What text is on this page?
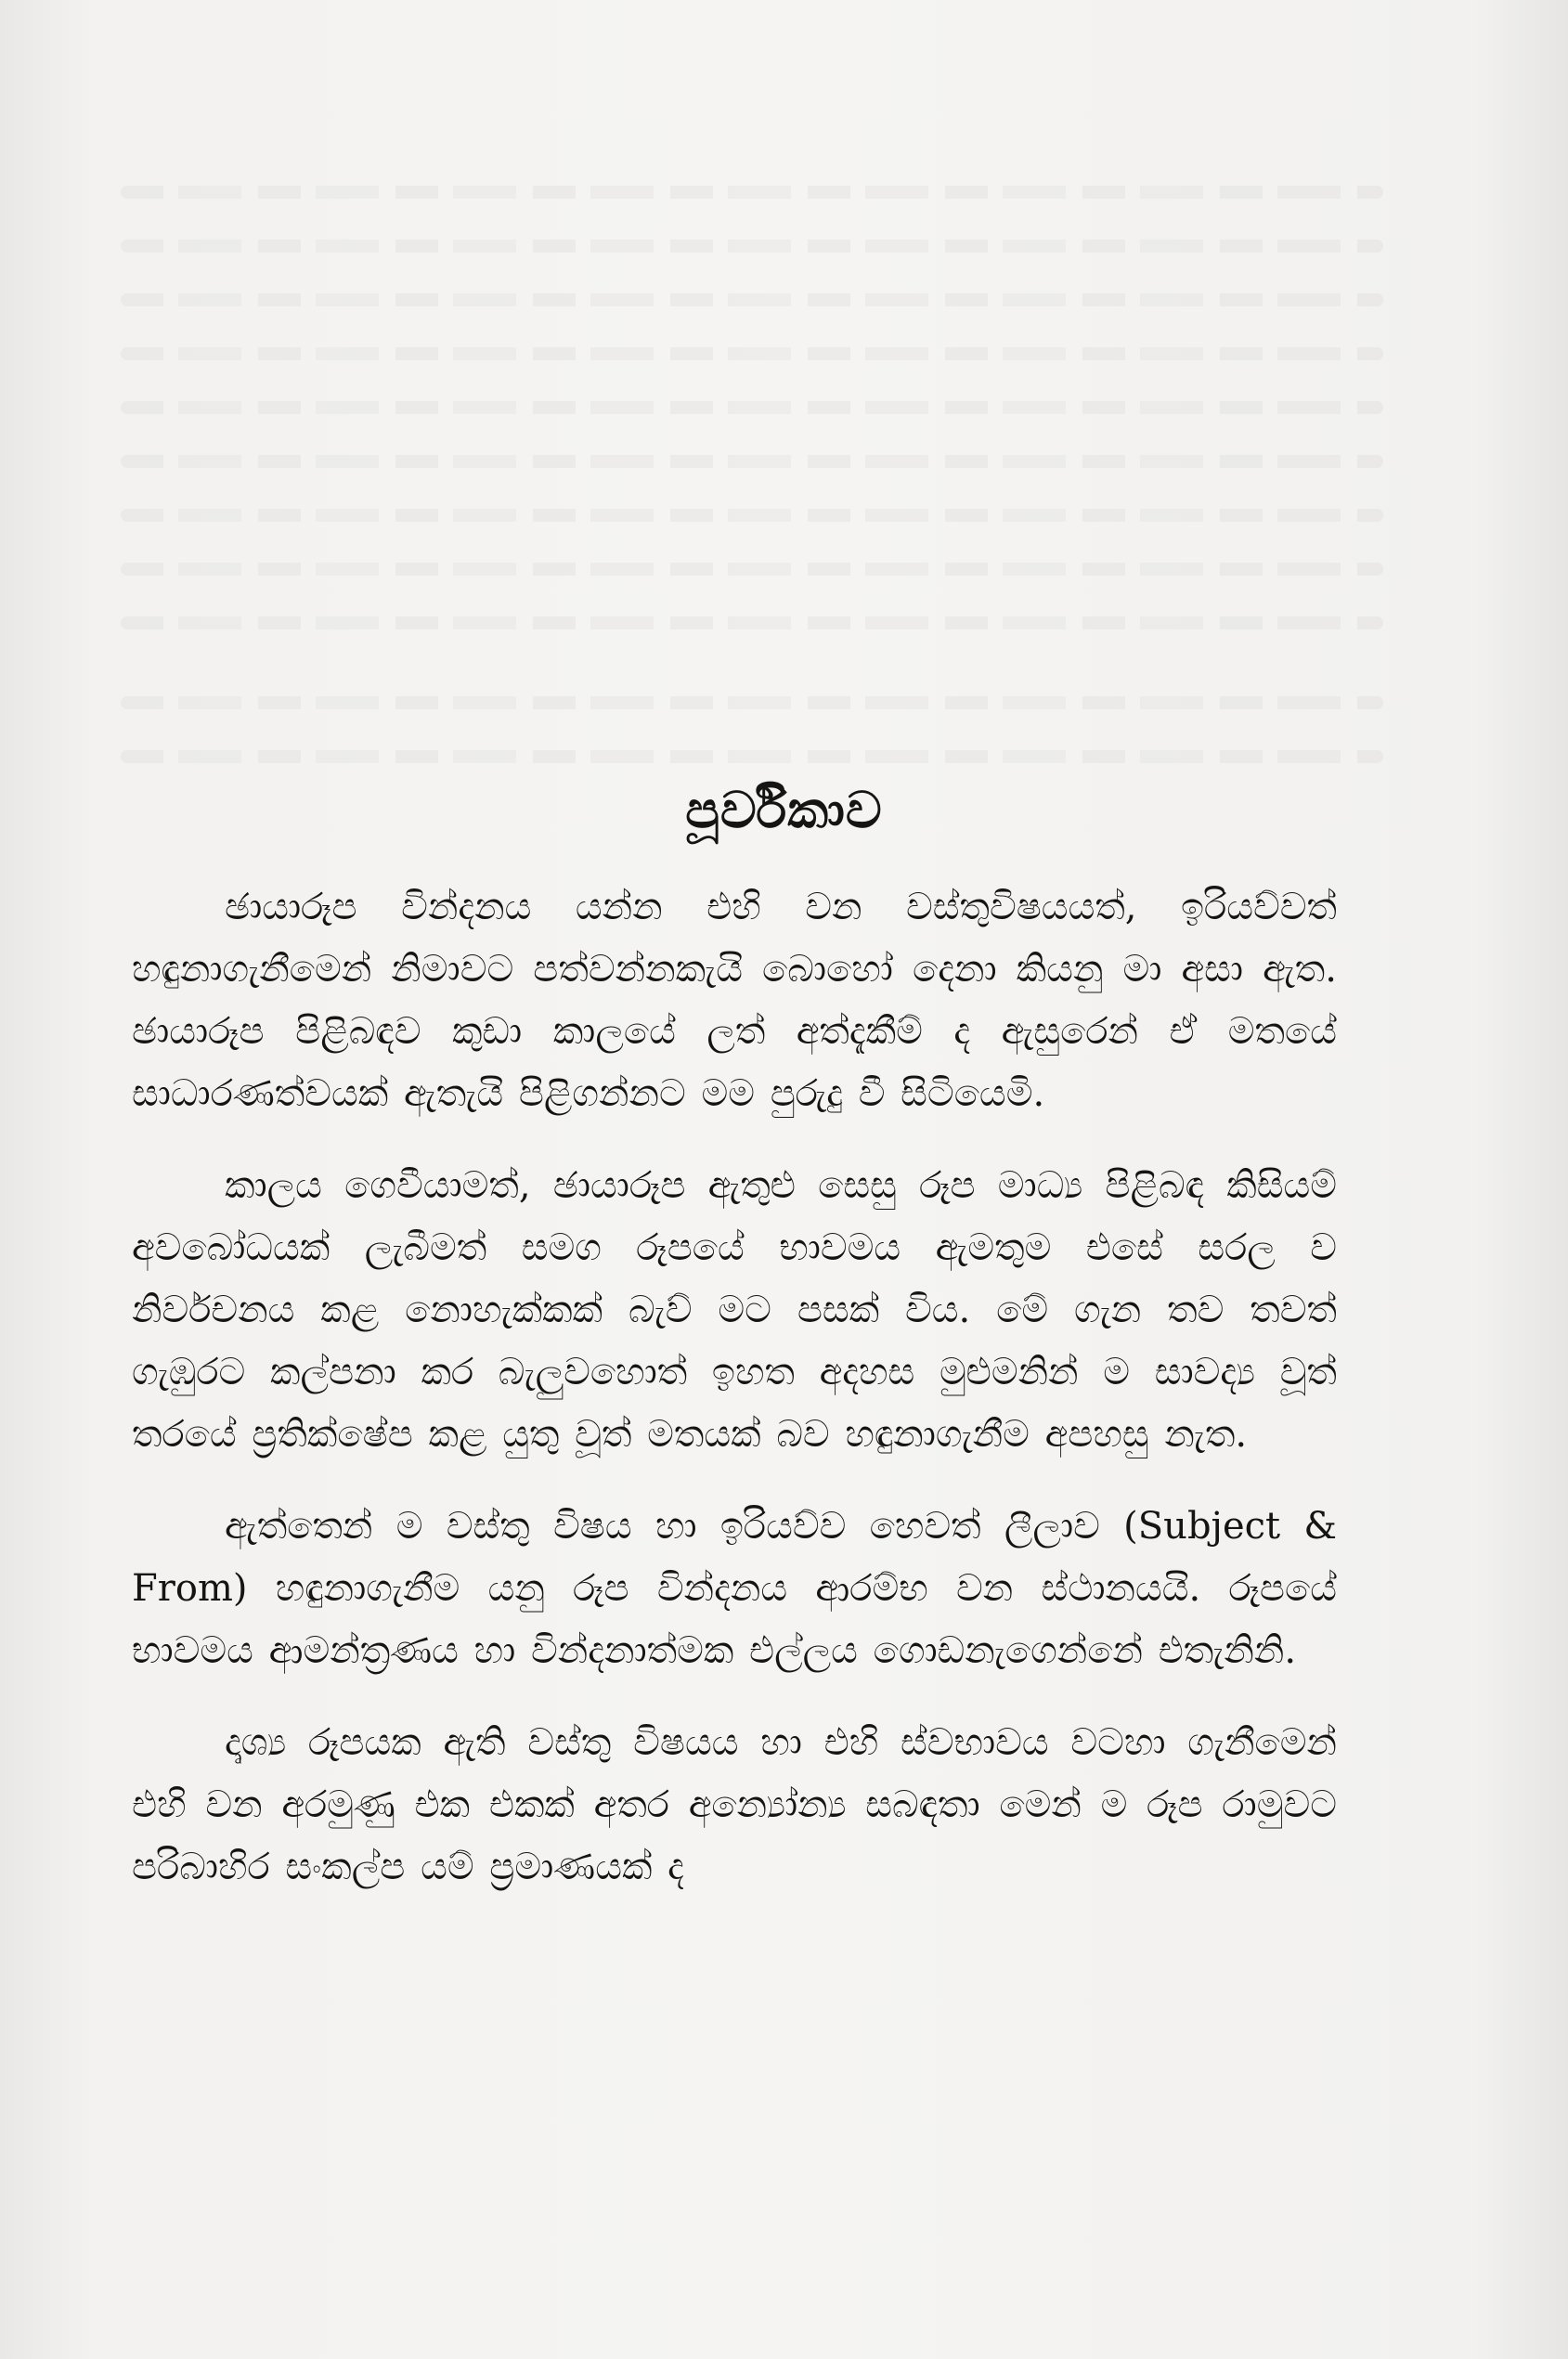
පූර්විකාව

ඡායාරූප වින්දනය යන්න එහි වන වස්තුවිෂයයත්, ඉරියව්වත් හඳුනාගැනීමෙන් නිමාවට පත්වන්නකැයි බොහෝ දෙනා කියනු මා අසා ඇත. ඡායාරූප පිළිබඳව කුඩා කාලයේ ලත් අත්දැකීම් ද ඇසුරෙන් ඒ මතයේ සාධාරණත්වයක් ඇතැයි පිළිගන්නට මම පුරුදු වී සිටියෙමි.

කාලය ගෙවීයාමත්, ඡායාරූප ඇතුළු සෙසු රූප මාධ්‍ය පිළිබඳ කිසියම් අවබෝධයක් ලැබීමත් සමග රූපයේ භාවමය ඇමතුම එසේ සරල ව නිර්වචනය කළ නොහැක්කක් බැව් මට පසක් විය. මේ ගැන තව තවත් ගැඹුරට කල්පනා කර බැලුවහොත් ඉහත අදහස මුළුමනින් ම සාවද්‍ය වූත් තරයේ ප්‍රතික්ෂේප කළ යුතු වූත් මතයක් බව හඳුනාගැනීම අපහසු නැත.

ඇත්තෙන් ම වස්තු විෂය හා ඉරියව්ව හෙවත් ලීලාව (Subject & From) හඳුනාගැනීම යනු රූප වින්දනය ආරම්භ වන ස්ථානයයි. රූපයේ භාවමය ආමන්ත්‍රණය හා වින්දනාත්මක එල්ලය ගොඩනැගෙන්නේ එතැනිනි.

දෘශ්‍ය රූපයක ඇති වස්තු විෂයය හා එහි ස්වභාවය වටහා ගැනීමෙන් එහි වන අරමුණු එක එකක් අතර අන්‍යෝන්‍ය සබඳතා මෙන් ම රූප රාමුවට පරිබාහිර සංකල්ප යම් ප්‍රමාණයක් ද
